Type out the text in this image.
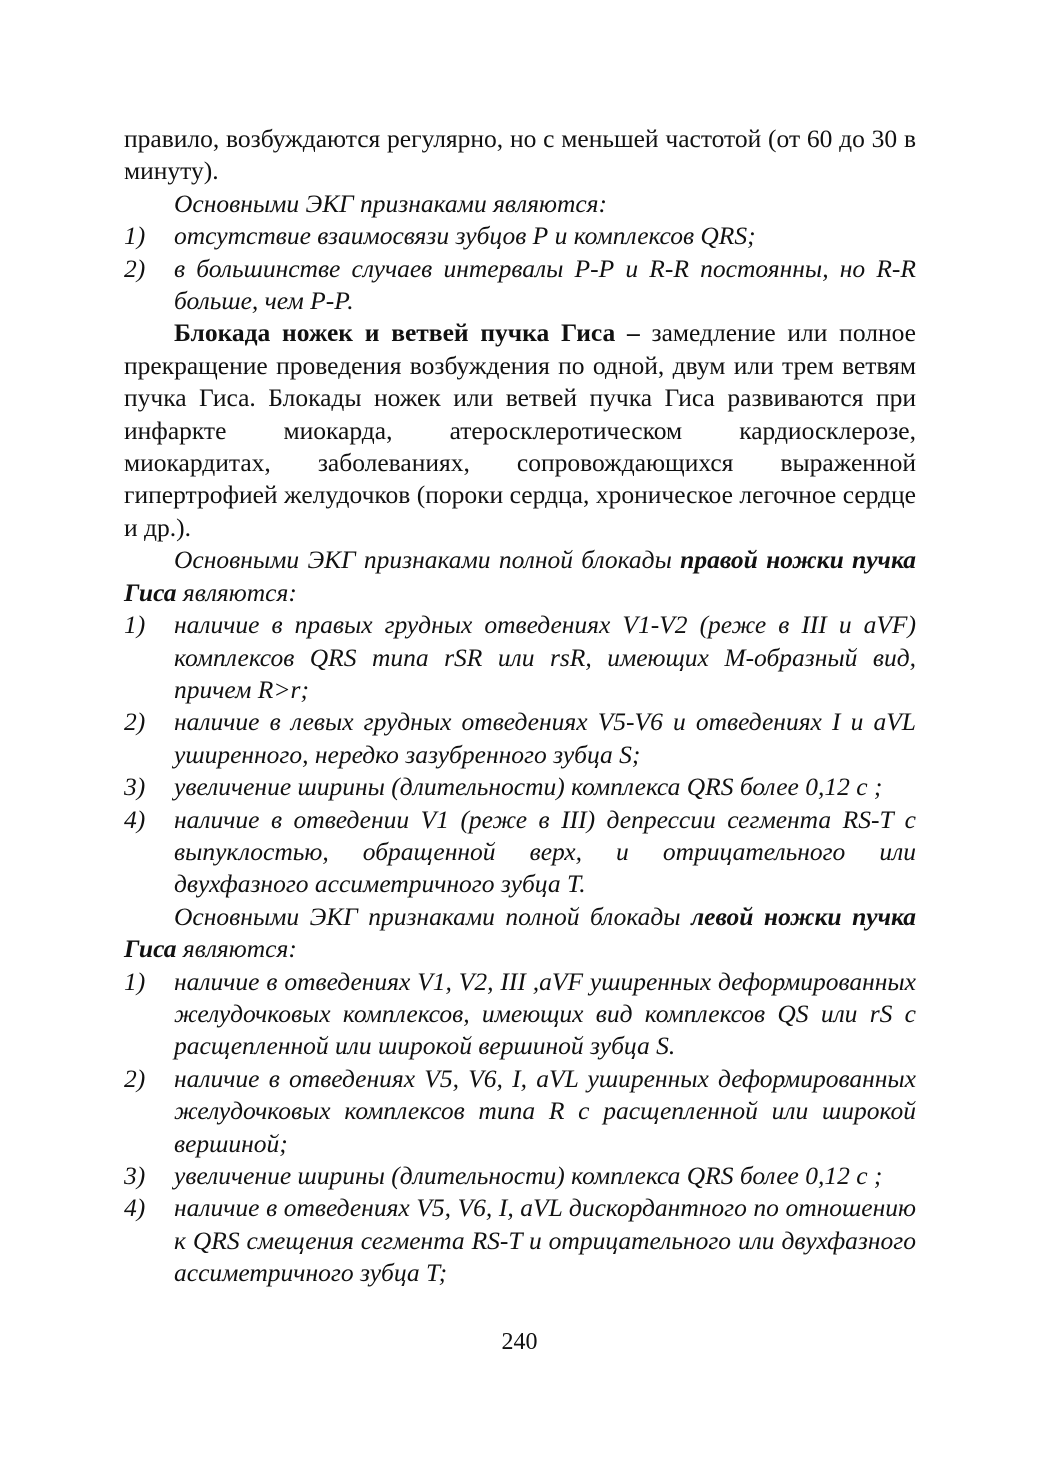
правило, возбуждаются регулярно, но с меньшей частотой (от 60 до 30 в минуту).

Основными ЭКГ признаками являются:

1)	отсутствие взаимосвязи зубцов Р и комплексов QRS;
2)	в большинстве случаев интервалы Р-Р и R-R постоянны, но R-R больше, чем Р-Р.

Блокада ножек и ветвей пучка Гиса – замедление или полное прекращение проведения возбуждения по одной, двум или трем ветвям пучка Гиса. Блокады ножек или ветвей пучка Гиса развиваются при инфаркте миокарда, атеросклеротическом кардиосклерозе, миокардитах, заболеваниях, сопровождающихся выраженной гипертрофией желудочков (пороки сердца, хроническое легочное сердце и др.).

Основными ЭКГ признаками полной блокады правой ножки пучка Гиса являются:

1)	наличие в правых грудных отведениях V1-V2 (реже в III и aVF) комплексов QRS типа rSR или rsR, имеющих M-образный вид, причем R>r;
2)	наличие в левых грудных отведениях V5-V6 и отведениях I и aVL уширенного, нередко зазубренного зубца S;
3)	увеличение ширины (длительности) комплекса QRS более 0,12 с ;
4)	наличие в отведении V1 (реже в III) депрессии сегмента RS-T с выпуклостью, обращенной верх, и отрицательного или двухфазного ассиметричного зубца T.

Основными ЭКГ признаками полной блокады левой ножки пучка Гиса являются:

1)	наличие в отведениях V1, V2, III ,aVF уширенных деформированных желудочковых комплексов, имеющих вид комплексов QS или rS с расщепленной или широкой вершиной зубца S.
2)	наличие в отведениях V5, V6, I, aVL уширенных деформированных желудочковых комплексов типа R с расщепленной или широкой вершиной;
3)	увеличение ширины (длительности) комплекса QRS более 0,12 с ;
4)	наличие в отведениях V5, V6, I, aVL дискордантного по отношению к QRS смещения сегмента RS-T и отрицательного или двухфазного ассиметричного зубца T;
240
